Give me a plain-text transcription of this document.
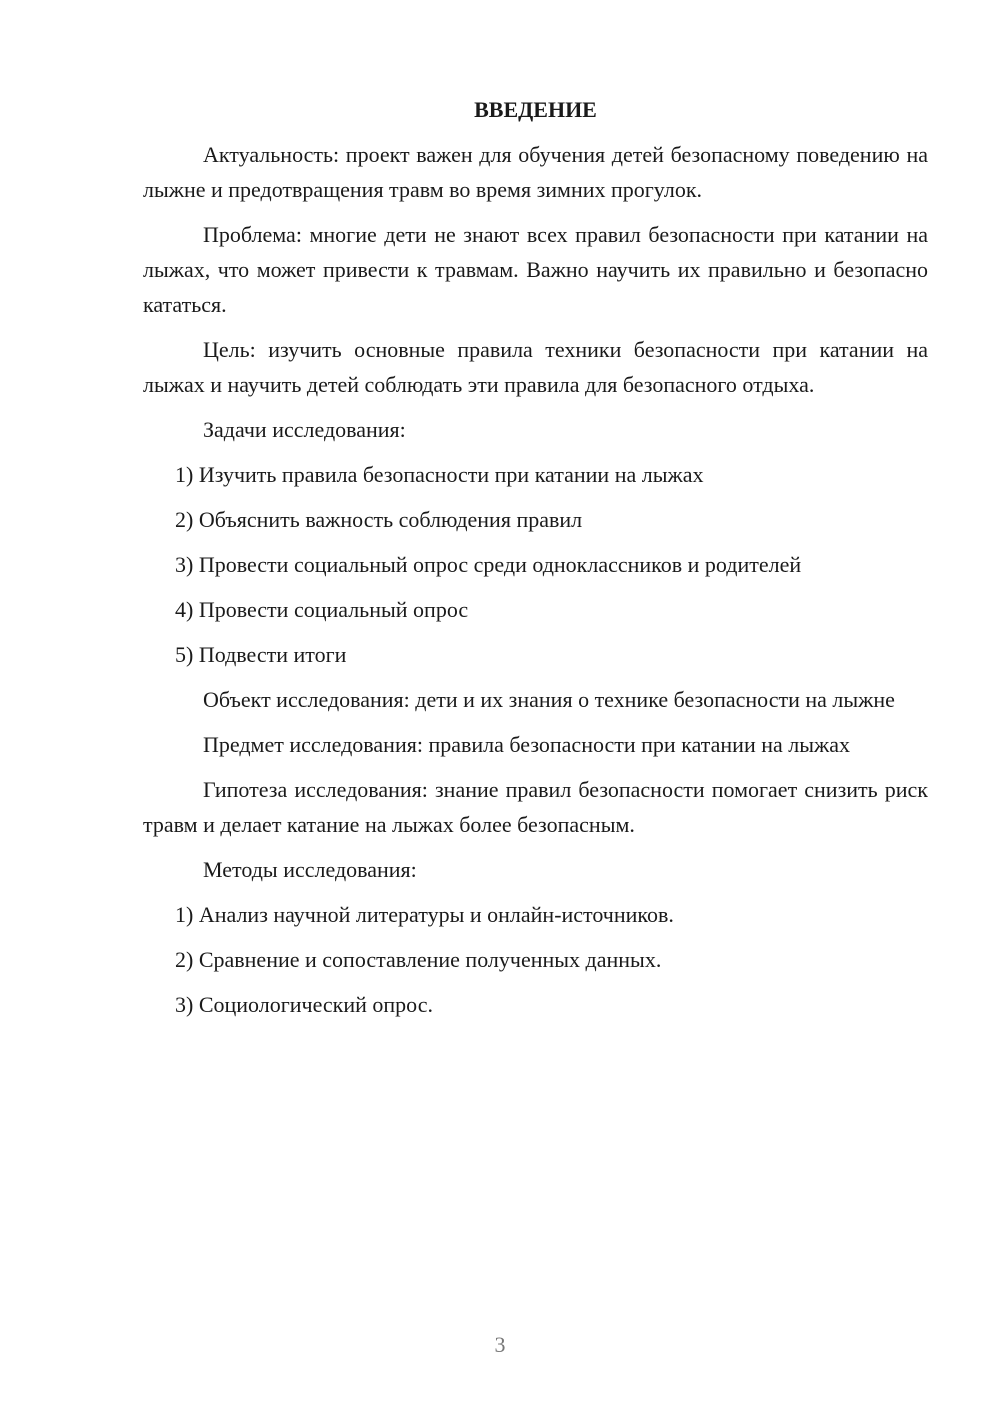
ВВЕДЕНИЕ

Актуальность: проект важен для обучения детей безопасному поведению на лыжне и предотвращения травм во время зимних прогулок.

Проблема: многие дети не знают всех правил безопасности при катании на лыжах, что может привести к травмам. Важно научить их правильно и безопасно кататься.

Цель: изучить основные правила техники безопасности при катании на лыжах и научить детей соблюдать эти правила для безопасного отдыха.

Задачи исследования:

1) Изучить правила безопасности при катании на лыжах
2) Объяснить важность соблюдения правил
3) Провести социальный опрос среди одноклассников и родителей
4) Провести социальный опрос
5) Подвести итоги

Объект исследования: дети и их знания о технике безопасности на лыжне

Предмет исследования: правила безопасности при катании на лыжах

Гипотеза исследования: знание правил безопасности помогает снизить риск травм и делает катание на лыжах более безопасным.

Методы исследования:

1) Анализ научной литературы и онлайн-источников.
2) Сравнение и сопоставление полученных данных.
3) Социологический опрос.
3
